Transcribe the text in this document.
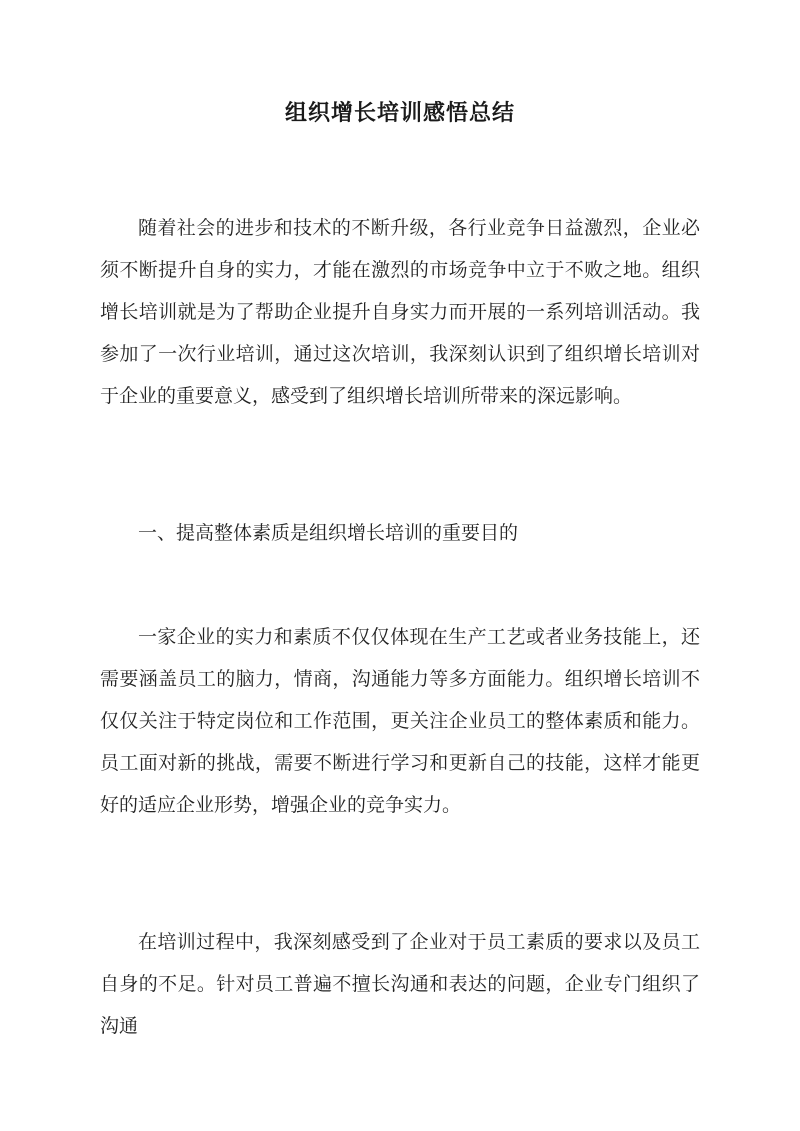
组织增长培训感悟总结

随着社会的进步和技术的不断升级，各行业竞争日益激烈，企业必须不断提升自身的实力，才能在激烈的市场竞争中立于不败之地。组织增长培训就是为了帮助企业提升自身实力而开展的一系列培训活动。我参加了一次行业培训，通过这次培训，我深刻认识到了组织增长培训对于企业的重要意义，感受到了组织增长培训所带来的深远影响。

一、提高整体素质是组织增长培训的重要目的

一家企业的实力和素质不仅仅体现在生产工艺或者业务技能上，还需要涵盖员工的脑力，情商，沟通能力等多方面能力。组织增长培训不仅仅关注于特定岗位和工作范围，更关注企业员工的整体素质和能力。员工面对新的挑战，需要不断进行学习和更新自己的技能，这样才能更好的适应企业形势，增强企业的竞争实力。

在培训过程中，我深刻感受到了企业对于员工素质的要求以及员工自身的不足。针对员工普遍不擅长沟通和表达的问题，企业专门组织了沟通
